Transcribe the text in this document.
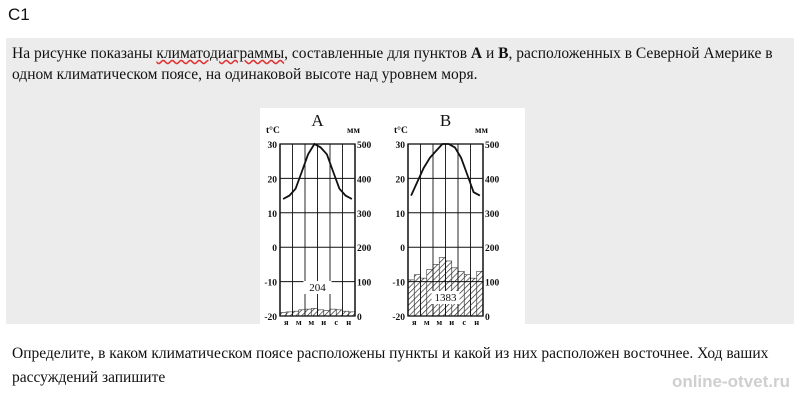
C1
На рисунке показаны климатодиаграммы, составленные для пунктов А и В, расположенных в Северной Америке в одном климатическом поясе, на одинаковой высоте над уровнем моря.
30
20
10
0
-10
-20
500
400
300
200
100
0
А
t°C	мм
я м м и с н
204
30
20
10
0
-10
-20
500
400
300
200
100
0
В
t°C	мм
я м м и с н
1383
Определите, в каком климатическом поясе расположены пункты и какой из них расположен восточнее. Ход ваших рассуждений запишите	online-otvet.ru
